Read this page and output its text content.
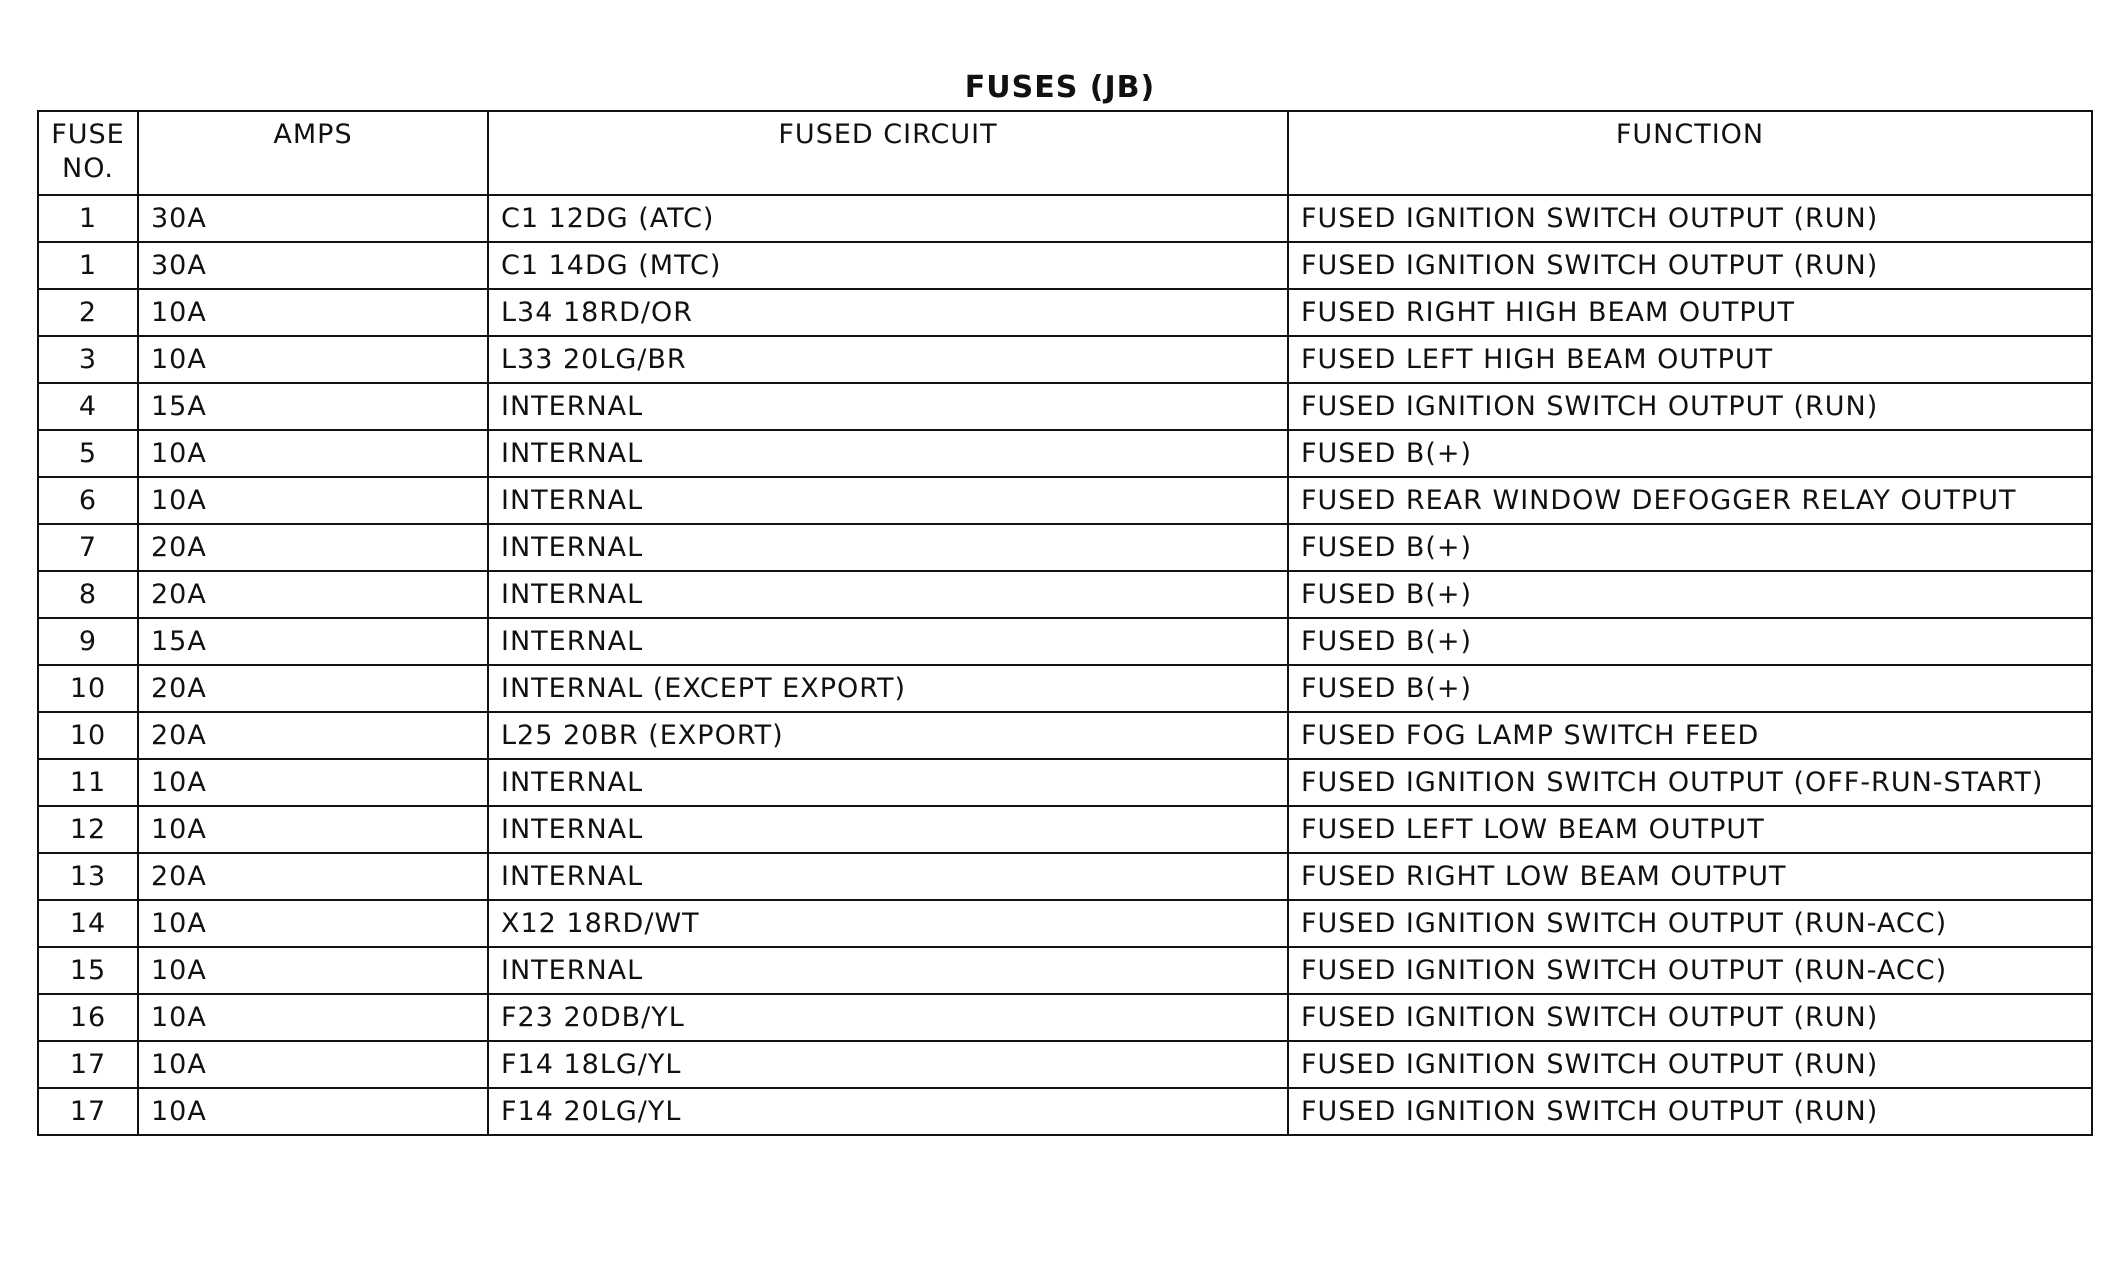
FUSES (JB)
FUSE
NO.	AMPS	FUSED CIRCUIT	FUNCTION
1	30A	C1 12DG (ATC)	FUSED IGNITION SWITCH OUTPUT (RUN)
1	30A	C1 14DG (MTC)	FUSED IGNITION SWITCH OUTPUT (RUN)
2	10A	L34 18RD/OR	FUSED RIGHT HIGH BEAM OUTPUT
3	10A	L33 20LG/BR	FUSED LEFT HIGH BEAM OUTPUT
4	15A	INTERNAL	FUSED IGNITION SWITCH OUTPUT (RUN)
5	10A	INTERNAL	FUSED B(+)
6	10A	INTERNAL	FUSED REAR WINDOW DEFOGGER RELAY OUTPUT
7	20A	INTERNAL	FUSED B(+)
8	20A	INTERNAL	FUSED B(+)
9	15A	INTERNAL	FUSED B(+)
10	20A	INTERNAL (EXCEPT EXPORT)	FUSED B(+)
10	20A	L25 20BR (EXPORT)	FUSED FOG LAMP SWITCH FEED
11	10A	INTERNAL	FUSED IGNITION SWITCH OUTPUT (OFF-RUN-START)
12	10A	INTERNAL	FUSED LEFT LOW BEAM OUTPUT
13	20A	INTERNAL	FUSED RIGHT LOW BEAM OUTPUT
14	10A	X12 18RD/WT	FUSED IGNITION SWITCH OUTPUT (RUN-ACC)
15	10A	INTERNAL	FUSED IGNITION SWITCH OUTPUT (RUN-ACC)
16	10A	F23 20DB/YL	FUSED IGNITION SWITCH OUTPUT (RUN)
17	10A	F14 18LG/YL	FUSED IGNITION SWITCH OUTPUT (RUN)
17	10A	F14 20LG/YL	FUSED IGNITION SWITCH OUTPUT (RUN)
